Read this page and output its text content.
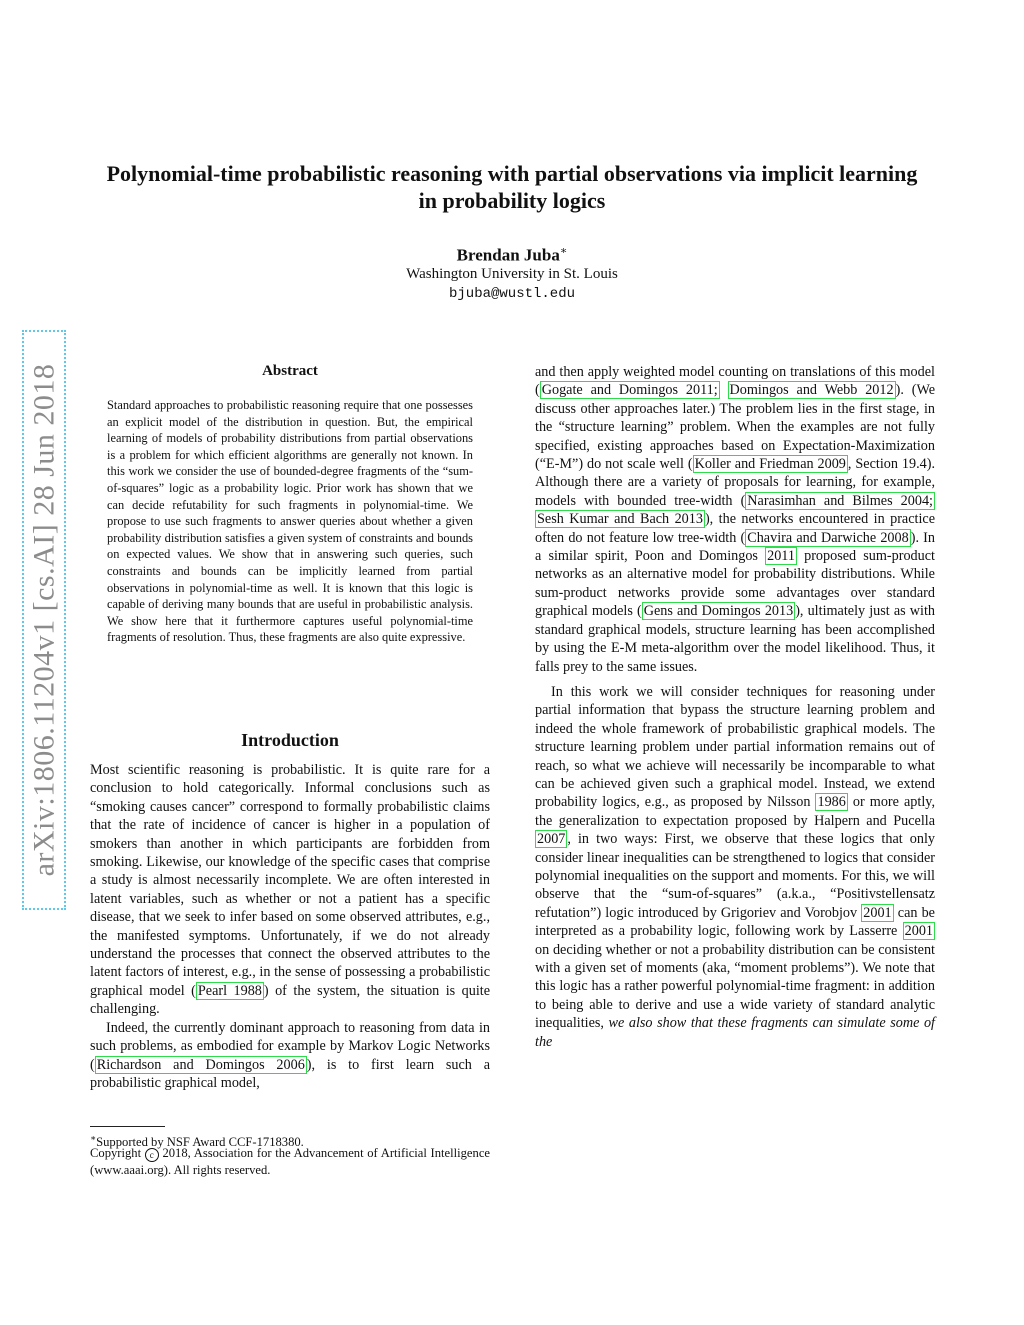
arXiv:1806.11204v1 [cs.AI] 28 Jun 2018
Polynomial-time probabilistic reasoning with partial observations via implicit learning in probability logics
Brendan Juba∗
Washington University in St. Louis
bjuba@wustl.edu
Abstract
Standard approaches to probabilistic reasoning require that one possesses an explicit model of the distribution in question. But, the empirical learning of models of probability distributions from partial observations is a problem for which efficient algorithms are generally not known. In this work we consider the use of bounded-degree fragments of the “sum-of-squares” logic as a probability logic. Prior work has shown that we can decide refutability for such fragments in polynomial-time. We propose to use such fragments to answer queries about whether a given probability distribution satisfies a given system of constraints and bounds on expected values. We show that in answering such queries, such constraints and bounds can be implicitly learned from partial observations in polynomial-time as well. It is known that this logic is capable of deriving many bounds that are useful in probabilistic analysis. We show here that it furthermore captures useful polynomial-time fragments of resolution. Thus, these fragments are also quite expressive.
Introduction

Most scientific reasoning is probabilistic. It is quite rare for a conclusion to hold categorically. Informal conclusions such as “smoking causes cancer” correspond to formally probabilistic claims that the rate of incidence of cancer is higher in a population of smokers than another in which participants are forbidden from smoking. Likewise, our knowledge of the specific cases that comprise a study is almost necessarily incomplete. We are often interested in latent variables, such as whether or not a patient has a specific disease, that we seek to infer based on some observed attributes, e.g., the manifested symptoms. Unfortunately, if we do not already understand the processes that connect the observed attributes to the latent factors of interest, e.g., in the sense of possessing a probabilistic graphical model ( Pearl 1988 ) of the system, the situation is quite challenging.

Indeed, the currently dominant approach to reasoning from data in such problems, as embodied for example by Markov Logic Networks ( Richardson and Domingos 2006 ), is to first learn such a probabilistic graphical model,

∗Supported by NSF Award CCF-1718380.
Copyright c 2018, Association for the Advancement of Artificial Intelligence (www.aaai.org). All rights reserved.

and then apply weighted model counting on translations of this model ( Gogate and Domingos 2011; Domingos and Webb 2012 ). (We discuss other approaches later.) The problem lies in the first stage, in the “structure learning” problem. When the examples are not fully specified, existing approaches based on Expectation-Maximization (“E-M”) do not scale well ( Koller and Friedman 2009 , Section 19.4). Although there are a variety of proposals for learning, for example, models with bounded tree-width ( Narasimhan and Bilmes 2004; Sesh Kumar and Bach 2013 ), the networks encountered in practice often do not feature low tree-width ( Chavira and Darwiche 2008 ). In a similar spirit, Poon and Domingos 2011 proposed sum-product networks as an alternative model for probability distributions. While sum-product networks provide some advantages over standard graphical models ( Gens and Domingos 2013 ), ultimately just as with standard graphical models, structure learning has been accomplished by using the E-M meta-algorithm over the model likelihood. Thus, it falls prey to the same issues.

In this work we will consider techniques for reasoning under partial information that bypass the structure learning problem and indeed the whole framework of probabilistic graphical models. The structure learning problem under partial information remains out of reach, so what we achieve will necessarily be incomparable to what can be achieved given such a graphical model. Instead, we extend probability logics, e.g., as proposed by Nilsson 1986 or more aptly, the generalization to expectation proposed by Halpern and Pucella 2007 , in two ways: First, we observe that these logics that only consider linear inequalities can be strengthened to logics that consider polynomial inequalities on the support and moments. For this, we will observe that the “sum-of-squares” (a.k.a., “Positivstellensatz refutation”) logic introduced by Grigoriev and Vorobjov 2001 can be interpreted as a probability logic, following work by Lasserre 2001 on deciding whether or not a probability distribution can be consistent with a given set of moments (aka, “moment problems”). We note that this logic has a rather powerful polynomial-time fragment: in addition to being able to derive and use a wide variety of standard analytic inequalities, we also show that these fragments can simulate some of the
